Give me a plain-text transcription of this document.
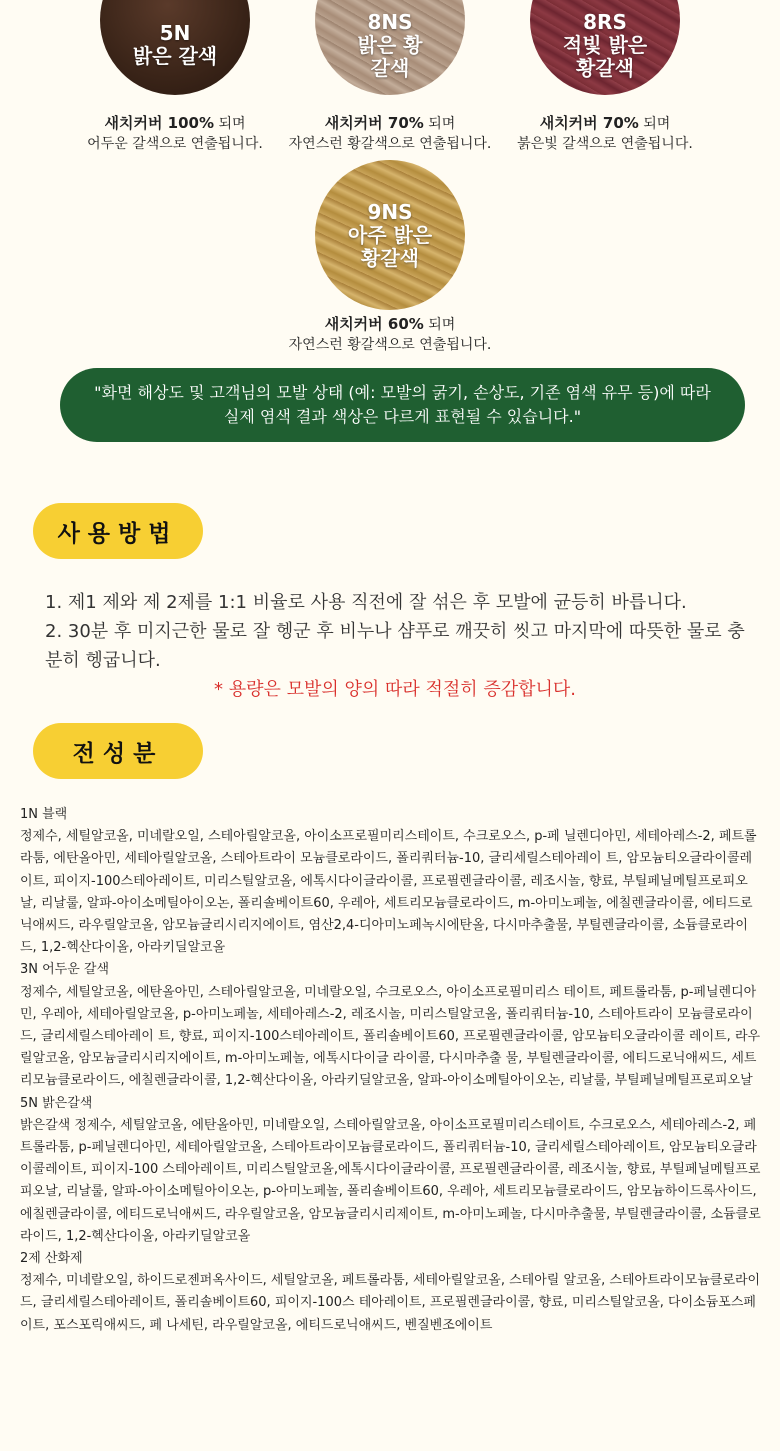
5N
밝은 갈색
새치커버 100% 되며
어두운 갈색으로 연출됩니다.
8NS
밝은 황갈색
새치커버 70% 되며
자연스런 황갈색으로 연출됩니다.
8RS
적빛 밝은 황갈색
새치커버 70% 되며
붉은빛 갈색으로 연출됩니다.
9NS
아주 밝은 황갈색
새치커버 60% 되며
자연스런 황갈색으로 연출됩니다.
"화면 해상도 및 고객님의 모발 상태 (예: 모발의 굵기, 손상도, 기존 염색 유무 등)에 따라
실제 염색 결과 색상은 다르게 표현될 수 있습니다."
사용방법
1. 제1 제와 제 2제를 1:1 비율로 사용 직전에 잘 섞은 후 모발에 균등히 바릅니다.
2. 30분 후 미지근한 물로 잘 헹군 후 비누나 샴푸로 깨끗히 씻고 마지막에 따뜻한 물로 충분히 헹굽니다.
* 용량은 모발의 양의 따라 적절히 증감합니다.
전성분

1N 블랙

정제수, 세틸알코올, 미네랄오일, 스테아릴알코올, 아이소프로필미리스테이트, 수크로오스, p-페 닐렌디아민, 세테아레스-2, 페트롤라툼, 에탄올아민, 세테아릴알코올, 스테아트라이 모늄클로라이드, 폴리쿼터늄-10, 글리세릴스테아레이 트, 암모늄티오글라이콜레이트, 피이지-100스테아레이트, 미리스틸알코올, 에톡시다이글라이콜, 프로필렌글라이콜, 레조시놀, 향료, 부틸페닐메틸프로피오날, 리날룰, 알파-아이소메틸아이오논, 폴리솔베이트60, 우레아, 세트리모늄클로라이드, m-아미노페놀, 에칠렌글라이콜, 에티드로닉애씨드, 라우릴알코올, 암모늄글리시리지에이트, 염산2,4-디아미노페녹시에탄올, 다시마추출물, 부틸렌글라이콜, 소듐클로라이드, 1,2-헥산다이올, 아라키딜알코올

3N 어두운 갈색

정제수, 세틸알코올, 에탄올아민, 스테아릴알코올, 미네랄오일, 수크로오스, 아이소프로필미리스 테이트, 페트롤라툼, p-페닐렌디아민, 우레아, 세테아릴알코올, p-아미노페놀, 세테아레스-2, 레조시놀, 미리스틸알코올, 폴리쿼터늄-10, 스테아트라이 모늄클로라이드, 글리세릴스테아레이 트, 향료, 피이지-100스테아레이트, 폴리솔베이트60, 프로필렌글라이콜, 암모늄티오글라이콜 레이트, 라우릴알코올, 암모늄글리시리지에이트, m-아미노페놀, 에톡시다이글 라이콜, 다시마추출 물, 부틸렌글라이콜, 에티드로닉애씨드, 세트리모늄클로라이드, 에칠렌글라이콜, 1,2-헥산다이올, 아라키딜알코올, 알파-아이소메틸아이오논, 리날룰, 부틸페닐메틸프로피오날

5N 밝은갈색

밝은갈색 정제수, 세틸알코올, 에탄올아민, 미네랄오일, 스테아릴알코올, 아이소프로필미리스테이트, 수크로오스, 세테아레스-2, 페트롤라툼, p-페닐렌디아민, 세테아릴알코올, 스테아트라이모늄클로라이드, 폴리쿼터늄-10, 글리세릴스테아레이트, 암모늄티오글라이콜레이트, 피이지-100 스테아레이트, 미리스틸알코올,에톡시다이글라이콜, 프로필렌글라이콜, 레조시놀, 향료, 부틸페닐메틸프로피오날, 리날룰, 알파-아이소메틸아이오논, p-아미노페놀, 폴리솔베이트60, 우레아, 세트리모늄클로라이드, 암모늄하이드록사이드, 에칠렌글라이콜, 에티드로닉애씨드, 라우릴알코올, 암모늄글리시리제이트, m-아미노페놀, 다시마추출물, 부틸렌글라이콜, 소듐클로라이드, 1,2-헥산다이올, 아라키딜알코올

2제 산화제

정제수, 미네랄오일, 하이드로젠퍼옥사이드, 세틸알코올, 페트롤라툼, 세테아릴알코올, 스테아릴 알코올, 스테아트라이모늄클로라이드, 글리세릴스테아레이트, 폴리솔베이트60, 피이지-100스 테아레이트, 프로필렌글라이콜, 향료, 미리스틸알코올, 다이소듐포스페이트, 포스포릭애씨드, 페 나세틴, 라우릴알코올, 에티드로닉애씨드, 벤질벤조에이트
